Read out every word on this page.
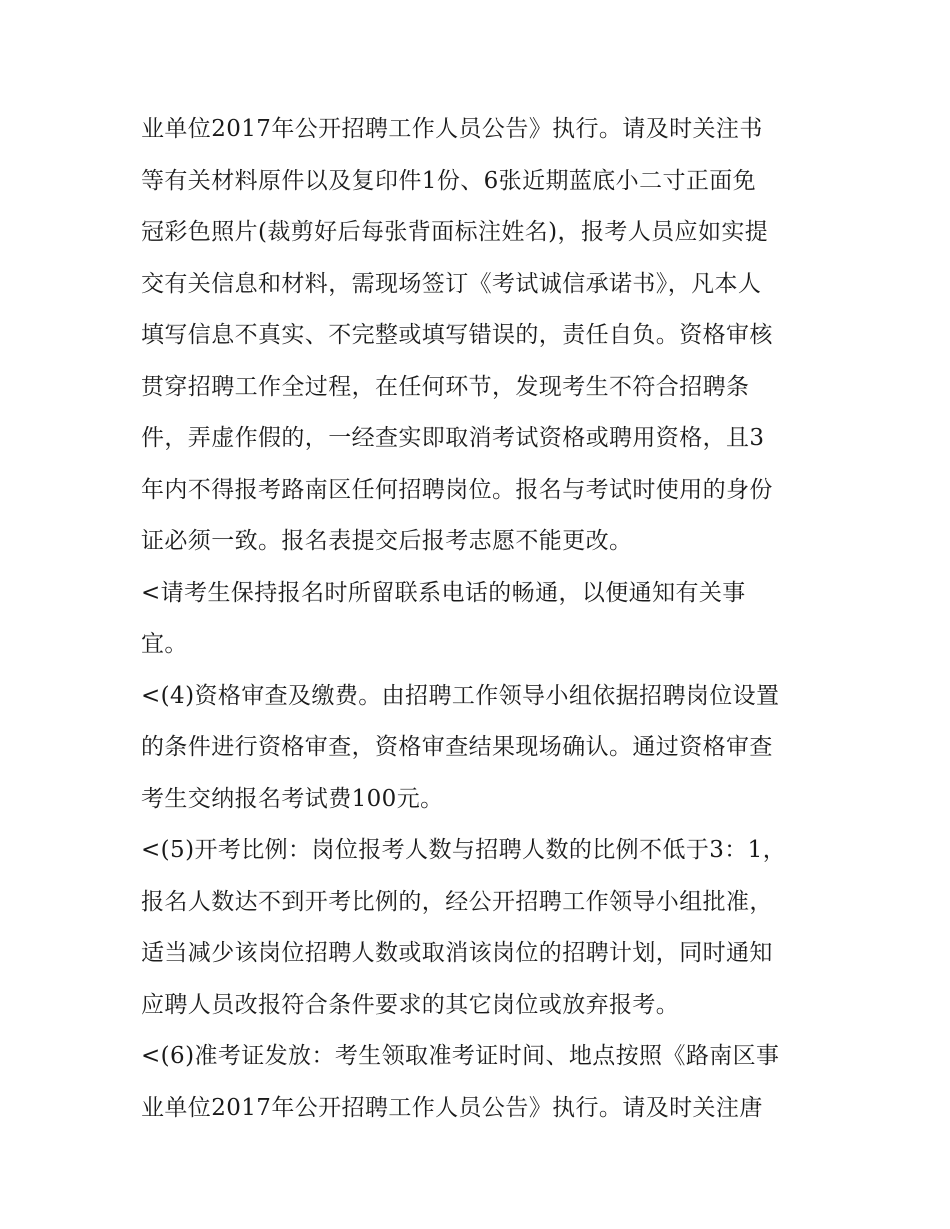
业单位2017年公开招聘工作人员公告》执行。请及时关注书
等有关材料原件以及复印件1份、6张近期蓝底小二寸正面免
冠彩色照片(裁剪好后每张背面标注姓名)，报考人员应如实提
交有关信息和材料，需现场签订《考试诚信承诺书》，凡本人
填写信息不真实、不完整或填写错误的，责任自负。资格审核
贯穿招聘工作全过程，在任何环节，发现考生不符合招聘条
件，弄虚作假的，一经查实即取消考试资格或聘用资格，且3
年内不得报考路南区任何招聘岗位。报名与考试时使用的身份
证必须一致。报名表提交后报考志愿不能更改。
<请考生保持报名时所留联系电话的畅通，以便通知有关事
宜。
<(4)资格审查及缴费。由招聘工作领导小组依据招聘岗位设置
的条件进行资格审查，资格审查结果现场确认。通过资格审查
考生交纳报名考试费100元。
<(5)开考比例：岗位报考人数与招聘人数的比例不低于3：1，
报名人数达不到开考比例的，经公开招聘工作领导小组批准，
适当减少该岗位招聘人数或取消该岗位的招聘计划，同时通知
应聘人员改报符合条件要求的其它岗位或放弃报考。
<(6)准考证发放：考生领取准考证时间、地点按照《路南区事
业单位2017年公开招聘工作人员公告》执行。请及时关注唐
